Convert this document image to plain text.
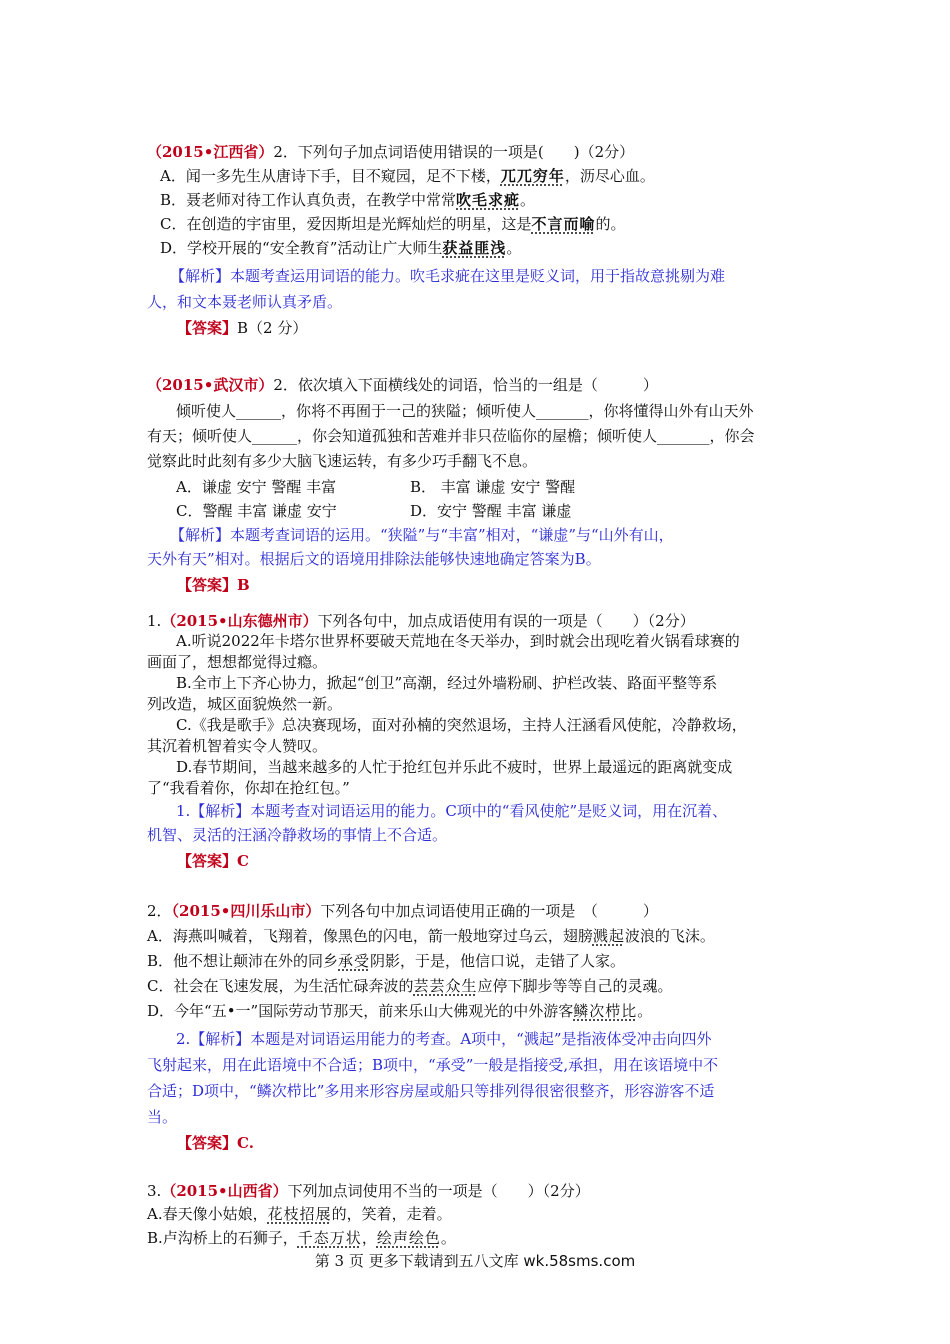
（2015•江西省）2．下列句子加点词语使用错误的一项是(　　)（2分）
A．闻一多先生从唐诗下手，目不窥园，足不下楼，兀兀穷年，沥尽心血。
B．聂老师对待工作认真负责，在教学中常常吹毛求疵。
C．在创造的宇宙里，爱因斯坦是光辉灿烂的明星，这是不言而喻的。
D．学校开展的“安全教育”活动让广大师生获益匪浅。
【解析】本题考查运用词语的能力。吹毛求疵在这里是贬义词，用于指故意挑剔为难
人，和文本聂老师认真矛盾。
【答案】B（2 分）
（2015•武汉市）2．依次填入下面横线处的词语，恰当的一组是（　　　）
倾听使人______，你将不再囿于一己的狭隘；倾听使人_______，你将懂得山外有山天外
有天；倾听使人______，你会知道孤独和苦难并非只莅临你的屋檐；倾听使人_______，你会
觉察此时此刻有多少大脑飞速运转，有多少巧手翻飞不息。
A．谦虚 安宁 警醒 丰富	B． 丰富 谦虚 安宁 警醒
C．警醒 丰富 谦虚 安宁	D．安宁 警醒 丰富 谦虚
【解析】本题考查词语的运用。“狭隘”与“丰富”相对，“谦虚”与“山外有山，
天外有天”相对。根据后文的语境用排除法能够快速地确定答案为B。
【答案】B
1.（2015•山东德州市）下列各句中，加点成语使用有误的一项是（　　）（2分）
A.听说2022年卡塔尔世界杯要破天荒地在冬天举办，到时就会出现吃着火锅看球赛的
画面了，想想都觉得过瘾。
B.全市上下齐心协力，掀起“创卫”高潮，经过外墙粉刷、护栏改装、路面平整等系
列改造，城区面貌焕然一新。
C.《我是歌手》总决赛现场，面对孙楠的突然退场，主持人汪涵看风使舵，冷静救场，
其沉着机智着实令人赞叹。
D.春节期间，当越来越多的人忙于抢红包并乐此不疲时，世界上最遥远的距离就变成
了“我看着你，你却在抢红包。”
1.【解析】本题考查对词语运用的能力。C项中的“看风使舵”是贬义词，用在沉着、
机智、灵活的汪涵冷静救场的事情上不合适。
【答案】C
2．（2015•四川乐山市）下列各句中加点词语使用正确的一项是　（　　　）
A．海燕叫喊着，飞翔着，像黑色的闪电，箭一般地穿过乌云，翅膀溅起波浪的飞沫。
B．他不想让颠沛在外的同乡承受阴影，于是，他信口说，走错了人家。
C．社会在飞速发展，为生活忙碌奔波的芸芸众生应停下脚步等等自己的灵魂。
D．今年“五•一”国际劳动节那天，前来乐山大佛观光的中外游客鳞次栉比。
2.【解析】本题是对词语运用能力的考查。A项中，“溅起”是指液体受冲击向四外
飞射起来，用在此语境中不合适；B项中，“承受”一般是指接受,承担，用在该语境中不
合适；D项中，“鳞次栉比”多用来形容房屋或船只等排列得很密很整齐，形容游客不适
当。
【答案】C.
3.（2015•山西省）下列加点词使用不当的一项是（　　）（2分）
A.春天像小姑娘，花枝招展的，笑着，走着。
第 3 页 更多下载请到五八文库 wk.58sms.com
B.卢沟桥上的石狮子，千态万状，绘声绘色。
